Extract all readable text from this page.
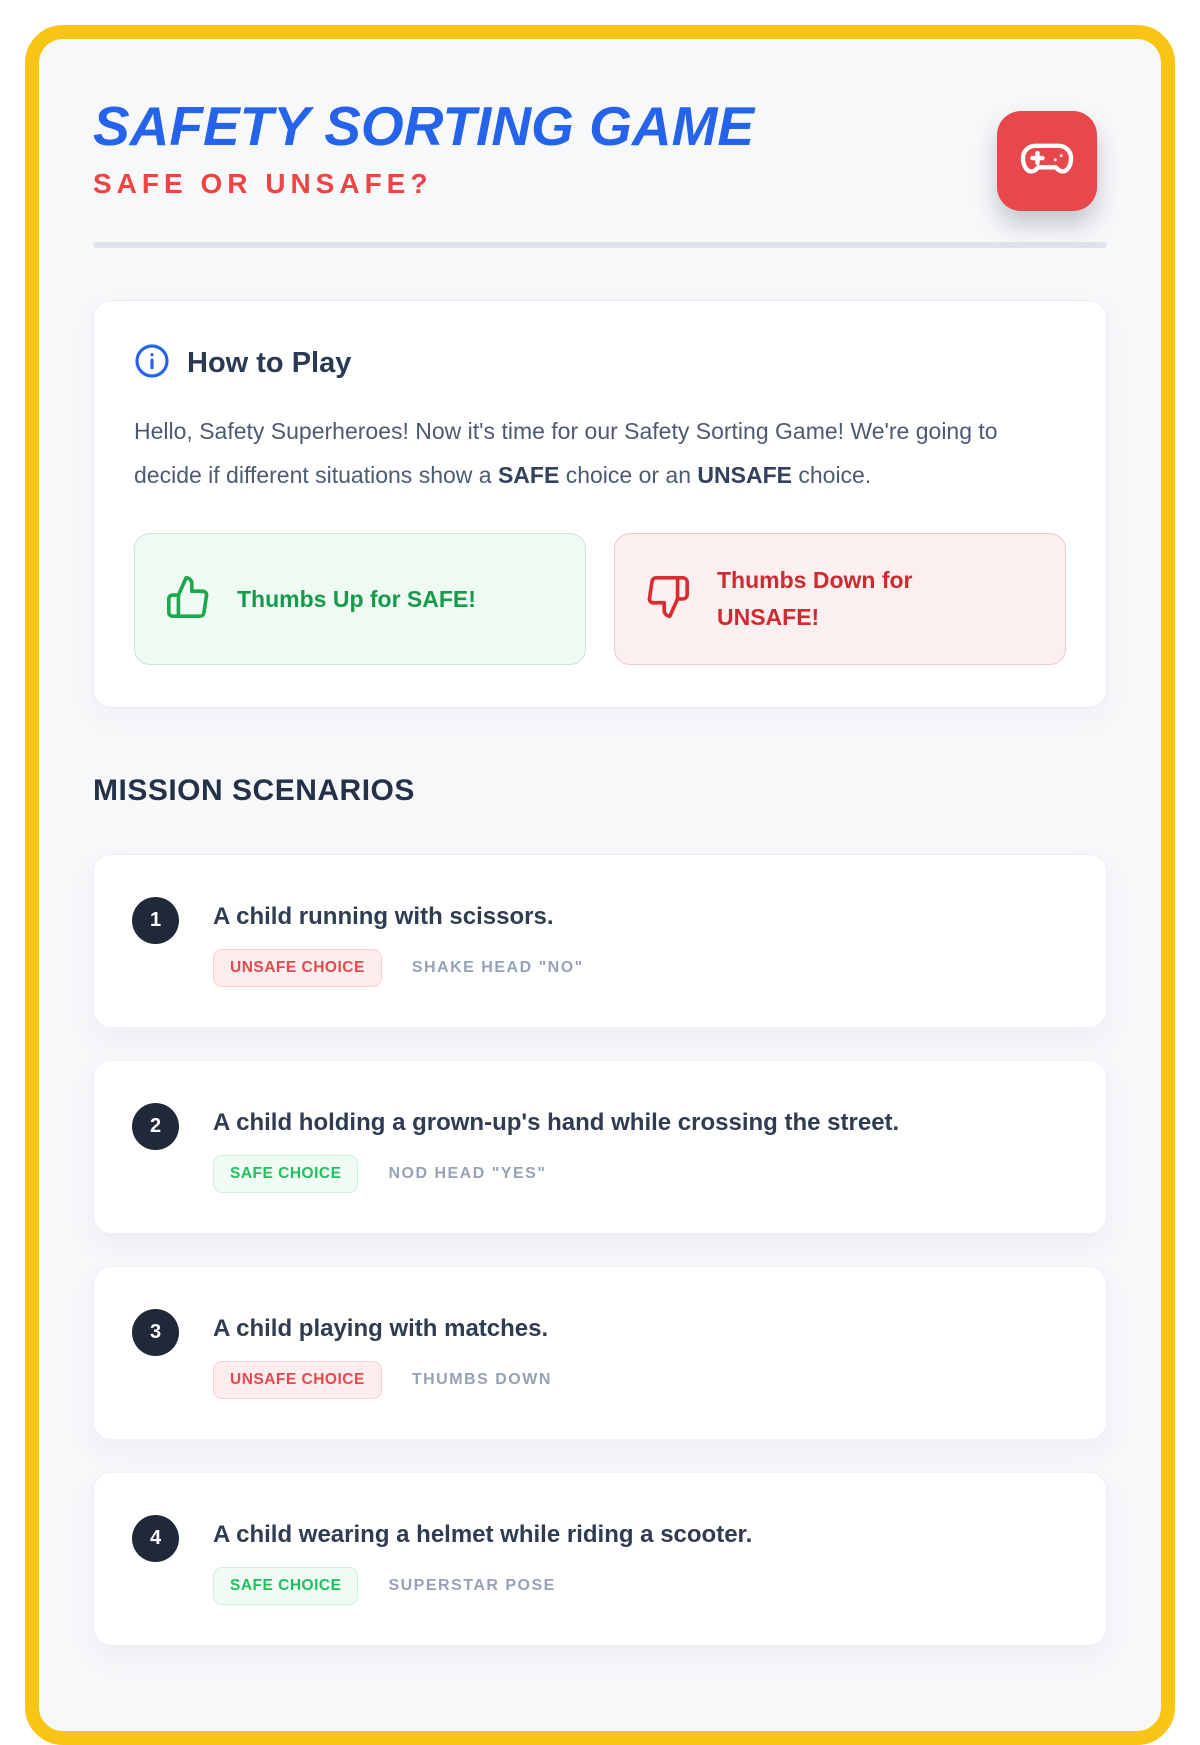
SAFETY SORTING GAME
SAFE OR UNSAFE?
How to Play

Hello, Safety Superheroes! Now it's time for our Safety Sorting Game! We're going to decide if different situations show a SAFE choice or an UNSAFE choice.

Thumbs Up for SAFE!
Thumbs Down for UNSAFE!
MISSION SCENARIOS
1	A child running with scissors.
UNSAFE CHOICE	SHAKE HEAD "NO"
2	A child holding a grown-up's hand while crossing the street.
SAFE CHOICE	NOD HEAD "YES"
3	A child playing with matches.
UNSAFE CHOICE	THUMBS DOWN
4	A child wearing a helmet while riding a scooter.
SAFE CHOICE	SUPERSTAR POSE
